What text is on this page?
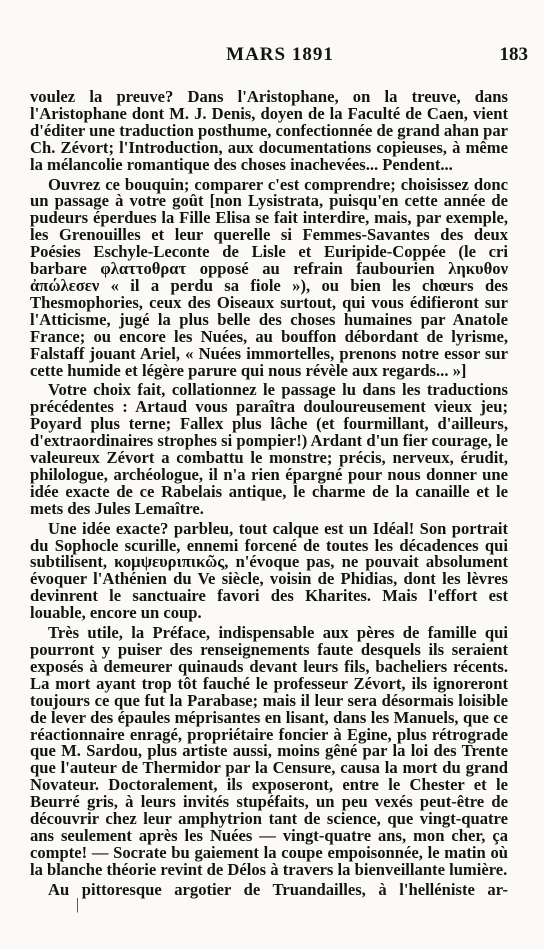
MARS 1891	183

voulez la preuve? Dans l'Aristophane, on la treuve, dans l'Aristophane dont M. J. Denis, doyen de la Faculté de Caen, vient d'éditer une traduction posthume, confectionnée de grand ahan par Ch. Zévort; l'Introduction, aux documentations copieuses, à même la mélancolie romantique des choses inachevées... Pendent...

Ouvrez ce bouquin; comparer c'est comprendre; choisissez donc un passage à votre goût [non Lysistrata, puisqu'en cette année de pudeurs éperdues la Fille Elisa se fait interdire, mais, par exemple, les Grenouilles et leur querelle si Femmes-Savantes des deux Poésies Eschyle-Leconte de Lisle et Euripide-Coppée (le cri barbare φλαττοθρατ opposé au refrain faubourien ληκυθον ἀπώλεσεν « il a perdu sa fiole »), ou bien les chœurs des Thesmophories, ceux des Oiseaux surtout, qui vous édifieront sur l'Atticisme, jugé la plus belle des choses humaines par Anatole France; ou encore les Nuées, au bouffon débordant de lyrisme, Falstaff jouant Ariel, « Nuées immortelles, prenons notre essor sur cette humide et légère parure qui nous révèle aux regards... »]

Votre choix fait, collationnez le passage lu dans les traductions précédentes : Artaud vous paraîtra douloureusement vieux jeu; Poyard plus terne; Fallex plus lâche (et fourmillant, d'ailleurs, d'extraordinaires strophes si pompier!) Ardant d'un fier courage, le valeureux Zévort a combattu le monstre; précis, nerveux, érudit, philologue, archéologue, il n'a rien épargné pour nous donner une idée exacte de ce Rabelais antique, le charme de la canaille et le mets des Jules Lemaître.

Une idée exacte? parbleu, tout calque est un Idéal! Son portrait du Sophocle scurille, ennemi forcené de toutes les décadences qui subtilisent, κομψευριπικῶς, n'évoque pas, ne pouvait absolument évoquer l'Athénien du Ve siècle, voisin de Phidias, dont les lèvres devinrent le sanctuaire favori des Kharites. Mais l'effort est louable, encore un coup.

Très utile, la Préface, indispensable aux pères de famille qui pourront y puiser des renseignements faute desquels ils seraient exposés à demeurer quinauds devant leurs fils, bacheliers récents. La mort ayant trop tôt fauché le professeur Zévort, ils ignoreront toujours ce que fut la Parabase; mais il leur sera désormais loisible de lever des épaules méprisantes en lisant, dans les Manuels, que ce réactionnaire enragé, propriétaire foncier à Egine, plus rétrograde que M. Sardou, plus artiste aussi, moins gêné par la loi des Trente que l'auteur de Thermidor par la Censure, causa la mort du grand Novateur. Doctoralement, ils exposeront, entre le Chester et le Beurré gris, à leurs invités stupéfaits, un peu vexés peut-être de découvrir chez leur amphytrion tant de science, que vingt-quatre ans seulement après les Nuées — vingt-quatre ans, mon cher, ça compte! — Socrate bu gaiement la coupe empoisonnée, le matin où la blanche théorie revint de Délos à travers la bienveillante lumière.

Au pittoresque argotier de Truandailles, à l'helléniste ar-

|
